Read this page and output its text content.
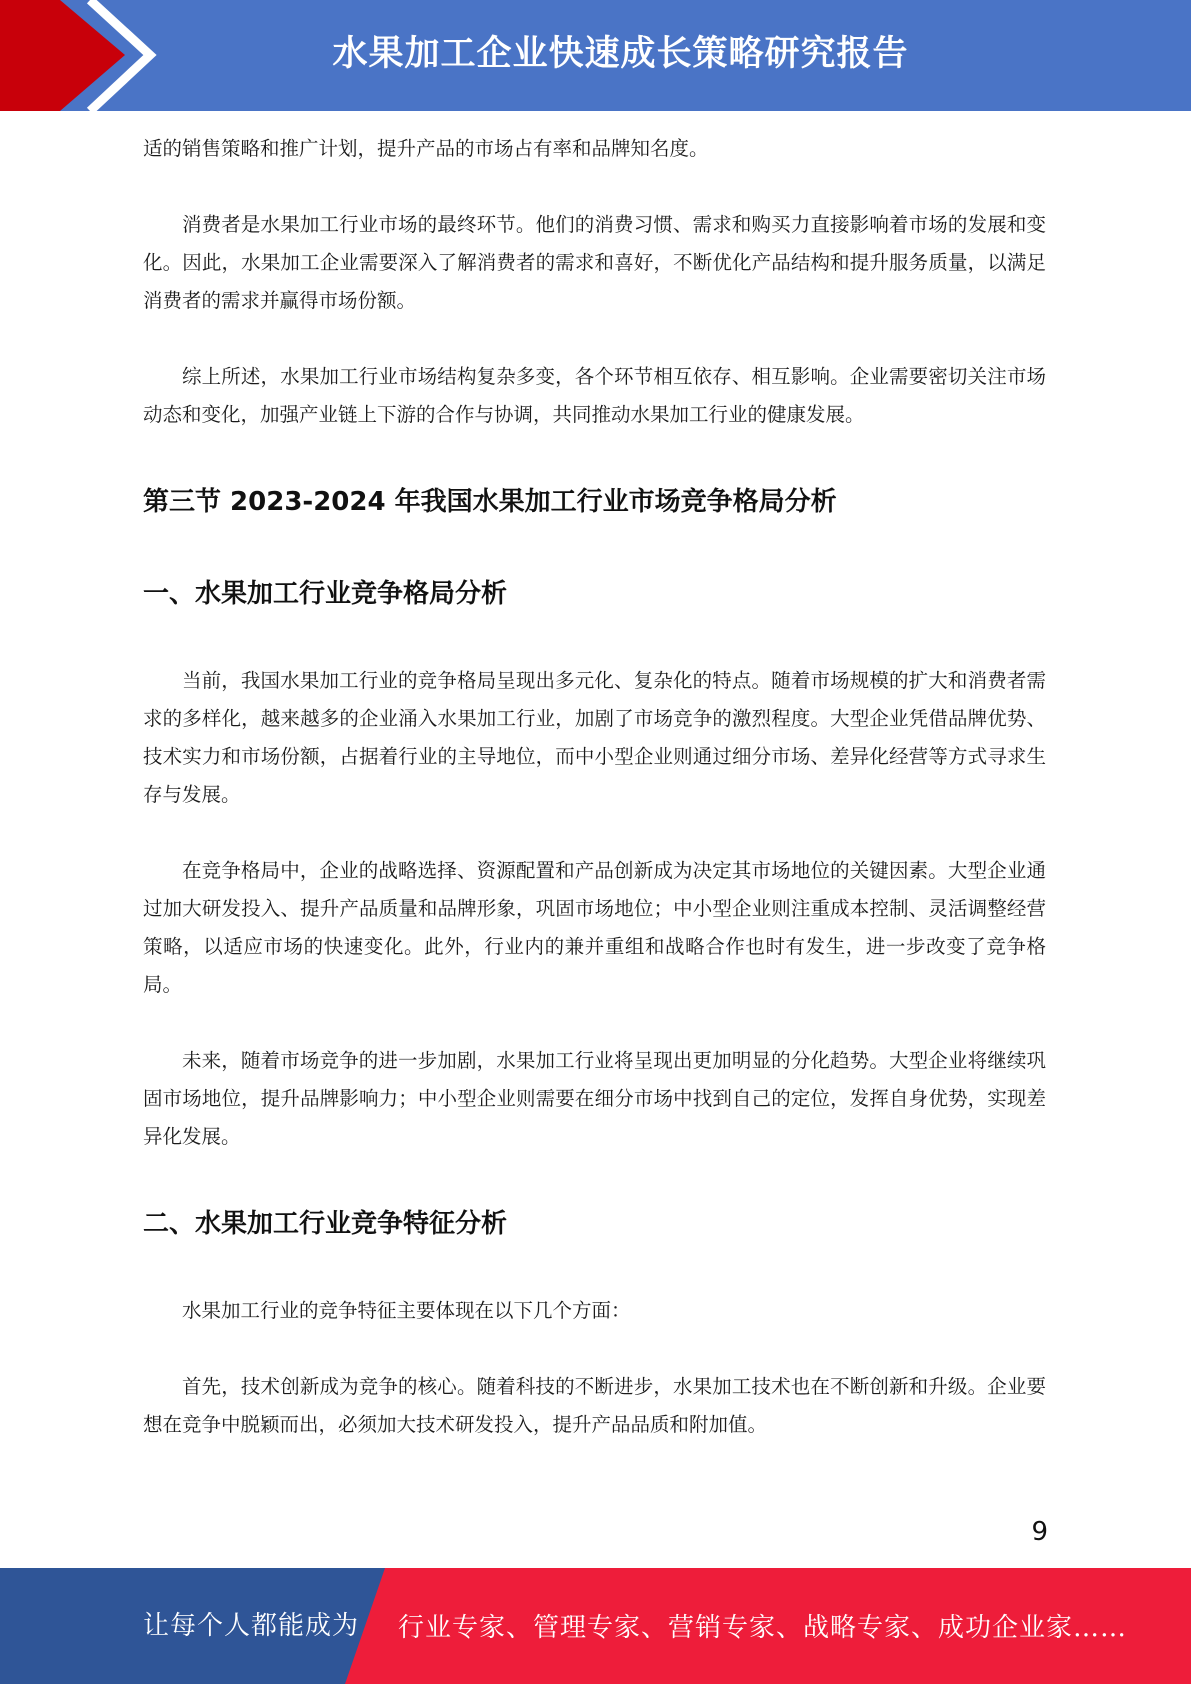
水果加工企业快速成长策略研究报告

适的销售策略和推广计划，提升产品的市场占有率和品牌知名度。

消费者是水果加工行业市场的最终环节。他们的消费习惯、需求和购买力直接影响着市场的发展和变化。因此，水果加工企业需要深入了解消费者的需求和喜好，不断优化产品结构和提升服务质量，以满足消费者的需求并赢得市场份额。

综上所述，水果加工行业市场结构复杂多变，各个环节相互依存、相互影响。企业需要密切关注市场动态和变化，加强产业链上下游的合作与协调，共同推动水果加工行业的健康发展。

第三节 2023-2024 年我国水果加工行业市场竞争格局分析
一、水果加工行业竞争格局分析

当前，我国水果加工行业的竞争格局呈现出多元化、复杂化的特点。随着市场规模的扩大和消费者需求的多样化，越来越多的企业涌入水果加工行业，加剧了市场竞争的激烈程度。大型企业凭借品牌优势、技术实力和市场份额，占据着行业的主导地位，而中小型企业则通过细分市场、差异化经营等方式寻求生存与发展。

在竞争格局中，企业的战略选择、资源配置和产品创新成为决定其市场地位的关键因素。大型企业通过加大研发投入、提升产品质量和品牌形象，巩固市场地位；中小型企业则注重成本控制、灵活调整经营策略，以适应市场的快速变化。此外，行业内的兼并重组和战略合作也时有发生，进一步改变了竞争格局。

未来，随着市场竞争的进一步加剧，水果加工行业将呈现出更加明显的分化趋势。大型企业将继续巩固市场地位，提升品牌影响力；中小型企业则需要在细分市场中找到自己的定位，发挥自身优势，实现差异化发展。

二、水果加工行业竞争特征分析

水果加工行业的竞争特征主要体现在以下几个方面：

首先，技术创新成为竞争的核心。随着科技的不断进步，水果加工技术也在不断创新和升级。企业要想在竞争中脱颖而出，必须加大技术研发投入，提升产品品质和附加值。

9
让每个人都能成为 行业专家、管理专家、营销专家、战略专家、成功企业家……
